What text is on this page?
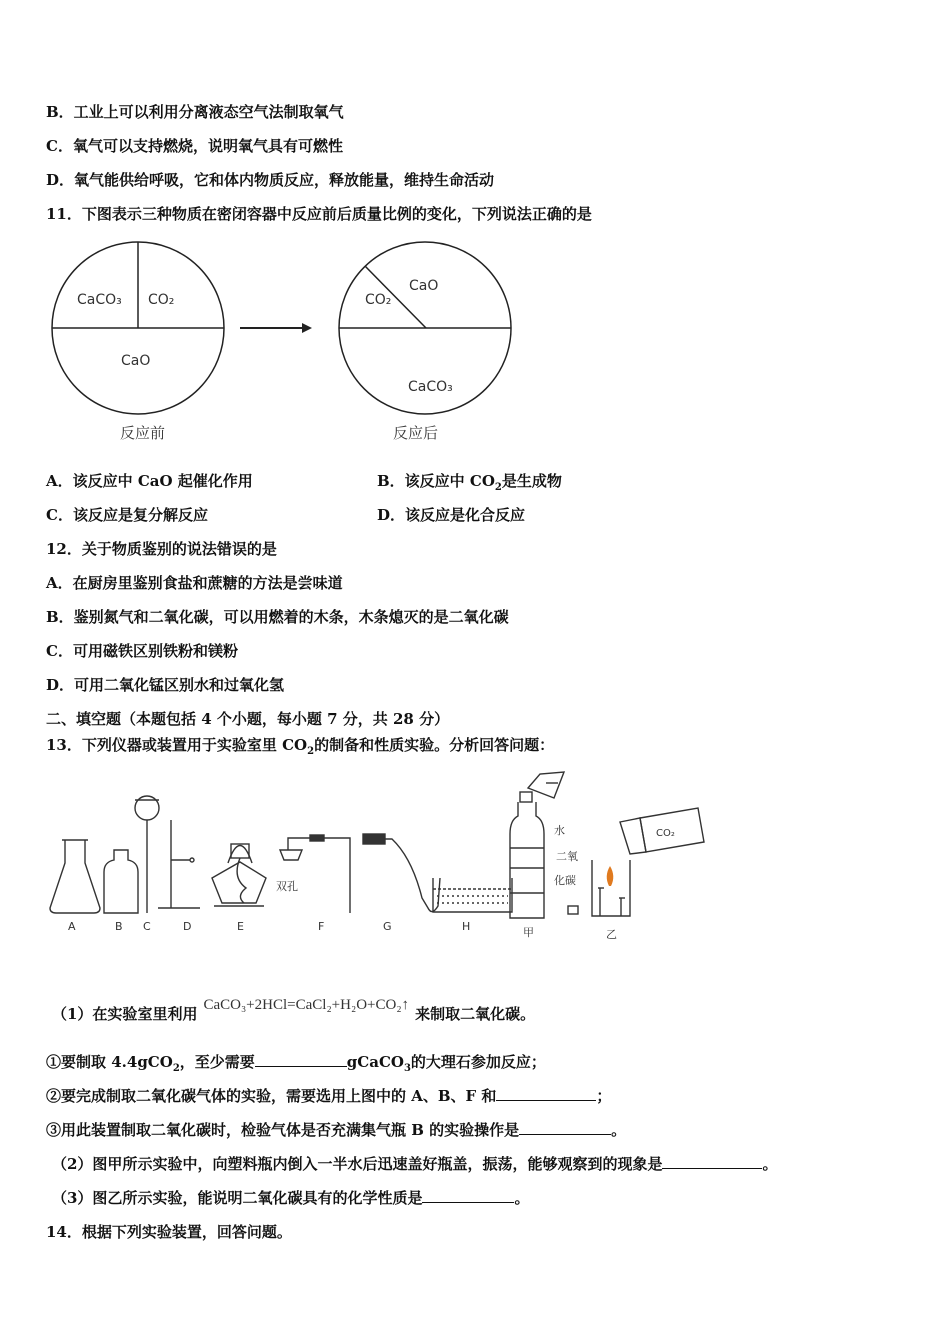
B．工业上可以利用分离液态空气法制取氧气
C．氧气可以支持燃烧，说明氧气具有可燃性
D．氧气能供给呼吸，它和体内物质反应，释放能量，维持生命活动
11．下图表示三种物质在密闭容器中反应前后质量比例的变化，下列说法正确的是
CaCO₃ CO₂
CaO
反应前
CaO
CO₂
CaCO₃
反应后
A．该反应中 CaO 起催化作用	B．该反应中 $CO_2$是生成物
C．该反应是复分解反应	D．该反应是化合反应
12．关于物质鉴别的说法错误的是
A．在厨房里鉴别食盐和蔗糖的方法是尝味道
B．鉴别氮气和二氧化碳，可以用燃着的木条，木条熄灭的是二氧化碳
C．可用磁铁区别铁粉和镁粉
D．可用二氧化锰区别水和过氧化氢
二、填空题（本题包括 4 个小题，每小题 7 分，共 28 分）
13．下列仪器或装置用于实验室里 $CO_2$的制备和性质实验。分析回答问题：
A	B C	D	E	F	G	H	甲	乙
双孔
水
二氧
化碳
CO₂
（1）在实验室里利用 CaCO₃+2HCl=CaCl₂+H₂O+CO₂↑ 来制取二氧化碳。
①要制取 4.4gCO$_2$，至少需要	gCaCO$_3$的大理石参加反应；
②要完成制取二氧化碳气体的实验，需要选用上图中的 A、B、F 和	；
③用此装置制取二氧化碳时，检验气体是否充满集气瓶 B 的实验操作是	。
（2）图甲所示实验中，向塑料瓶内倒入一半水后迅速盖好瓶盖，振荡，能够观察到的现象是	。
（3）图乙所示实验，能说明二氧化碳具有的化学性质是	。
14．根据下列实验装置，回答问题。
